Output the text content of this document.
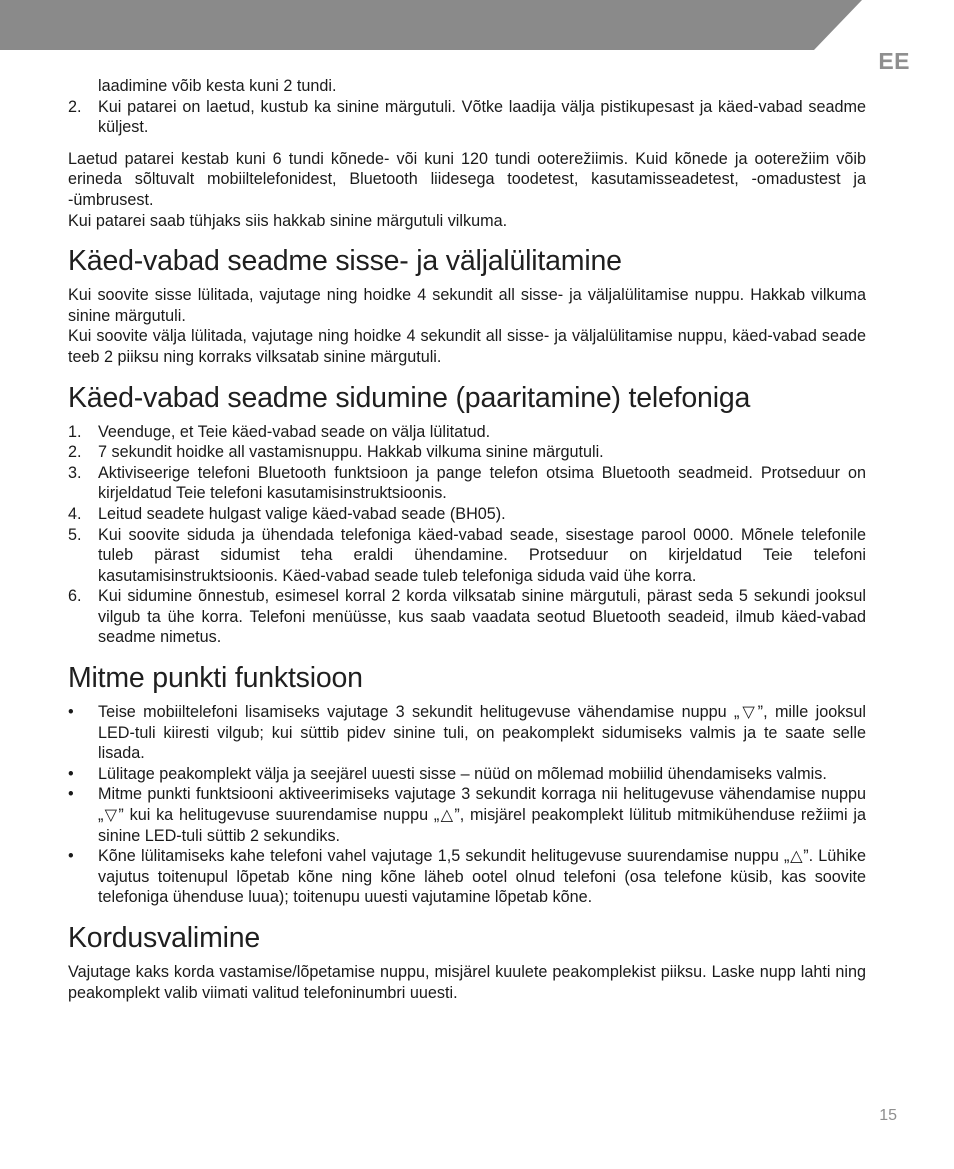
EE

laadimine võib kesta kuni 2 tundi.

2. Kui patarei on laetud, kustub ka sinine märgutuli. Võtke laadija välja pistikupesast ja käed-vabad seadme küljest.

Laetud patarei kestab kuni 6 tundi kõnede- või kuni 120 tundi ooterežiimis. Kuid kõnede ja ooterežiim võib erineda sõltuvalt mobiiltelefonidest, Bluetooth liidesega toodetest, kasutamisseadetest, -omadustest ja -ümbrusest.

Kui patarei saab tühjaks siis hakkab sinine märgutuli vilkuma.

Käed-vabad seadme sisse- ja väljalülitamine

Kui soovite sisse lülitada, vajutage ning hoidke 4 sekundit all sisse- ja väljalülitamise nuppu. Hakkab vilkuma sinine märgutuli.

Kui soovite välja lülitada, vajutage ning hoidke 4 sekundit all sisse- ja väljalülitamise nuppu, käed-vabad seade teeb 2 piiksu ning korraks vilksatab sinine märgutuli.

Käed-vabad seadme sidumine (paaritamine) telefoniga
1. Veenduge, et Teie käed-vabad seade on välja lülitatud.
2. 7 sekundit hoidke all vastamisnuppu. Hakkab vilkuma sinine märgutuli.
3. Aktiviseerige telefoni Bluetooth funktsioon ja pange telefon otsima Bluetooth seadmeid. Protseduur on kirjeldatud Teie telefoni kasutamisinstruktsioonis.
4. Leitud seadete hulgast valige käed-vabad seade (BH05).
5. Kui soovite siduda ja ühendada telefoniga käed-vabad seade, sisestage parool 0000. Mõnele telefonile tuleb pärast sidumist teha eraldi ühendamine. Protseduur on kirjeldatud Teie telefoni kasutamisinstruktsioonis. Käed-vabad seade tuleb telefoniga siduda vaid ühe korra.
6. Kui sidumine õnnestub, esimesel korral 2 korda vilksatab sinine märgutuli, pärast seda 5 sekundi jooksul vilgub ta ühe korra. Telefoni menüüsse, kus saab vaadata seotud Bluetooth seadeid, ilmub käed-vabad seadme nimetus.
Mitme punkti funktsioon
• Teise mobiiltelefoni lisamiseks vajutage 3 sekundit helitugevuse vähendamise nuppu „▽”, mille jooksul LED-tuli kiiresti vilgub; kui süttib pidev sinine tuli, on peakomplekt sidumiseks valmis ja te saate selle lisada.
• Lülitage peakomplekt välja ja seejärel uuesti sisse – nüüd on mõlemad mobiilid ühendamiseks valmis.
• Mitme punkti funktsiooni aktiveerimiseks vajutage 3 sekundit korraga nii helitugevuse vähendamise nuppu „▽” kui ka helitugevuse suurendamise nuppu „△”, misjärel peakomplekt lülitub mitmikühenduse režiimi ja sinine LED-tuli süttib 2 sekundiks.
• Kõne lülitamiseks kahe telefoni vahel vajutage 1,5 sekundit helitugevuse suurendamise nuppu „△”. Lühike vajutus toitenupul lõpetab kõne ning kõne läheb ootel olnud telefoni (osa telefone küsib, kas soovite telefoniga ühenduse luua); toitenupu uuesti vajutamine lõpetab kõne.
Kordusvalimine

Vajutage kaks korda vastamise/lõpetamise nuppu, misjärel kuulete peakomplekist piiksu. Laske nupp lahti ning peakomplekt valib viimati valitud telefoninumbri uuesti.

15
